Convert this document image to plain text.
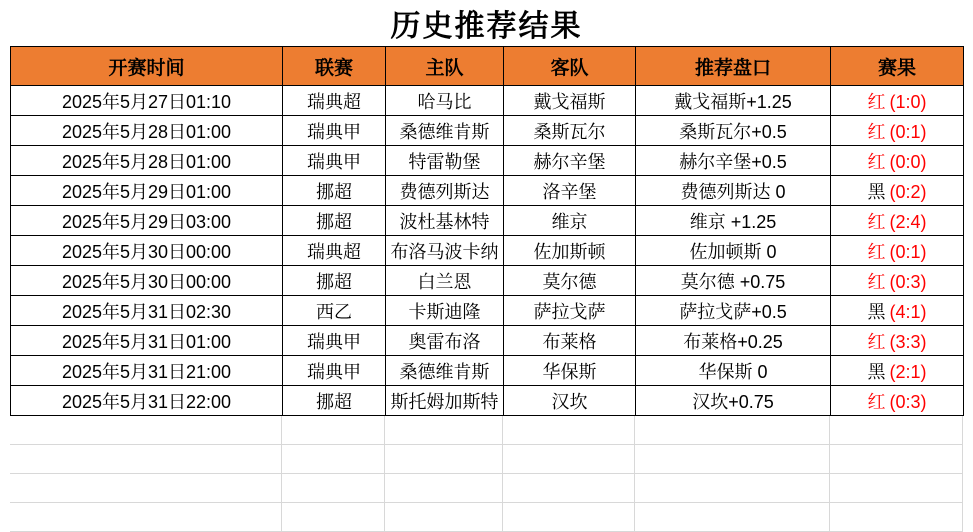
历史推荐结果
开赛时间	联赛	主队	客队	推荐盘口	赛果
2025年5月27日01:10	瑞典超	哈马比	戴戈福斯	戴戈福斯+1.25	红 (1:0)
2025年5月28日01:00	瑞典甲	桑德维肯斯	桑斯瓦尔	桑斯瓦尔+0.5	红 (0:1)
2025年5月28日01:00	瑞典甲	特雷勒堡	赫尔辛堡	赫尔辛堡+0.5	红 (0:0)
2025年5月29日01:00	挪超	费德列斯达	洛辛堡	费德列斯达 0	黑 (0:2)
2025年5月29日03:00	挪超	波杜基林特	维京	维京 +1.25	红 (2:4)
2025年5月30日00:00	瑞典超	布洛马波卡纳	佐加斯顿	佐加顿斯 0	红 (0:1)
2025年5月30日00:00	挪超	白兰恩	莫尔德	莫尔德 +0.75	红 (0:3)
2025年5月31日02:30	西乙	卡斯迪隆	萨拉戈萨	萨拉戈萨+0.5	黑 (4:1)
2025年5月31日01:00	瑞典甲	奥雷布洛	布莱格	布莱格+0.25	红 (3:3)
2025年5月31日21:00	瑞典甲	桑德维肯斯	华保斯	华保斯 0	黑 (2:1)
2025年5月31日22:00	挪超	斯托姆加斯特	汉坎	汉坎+0.75	红 (0:3)
